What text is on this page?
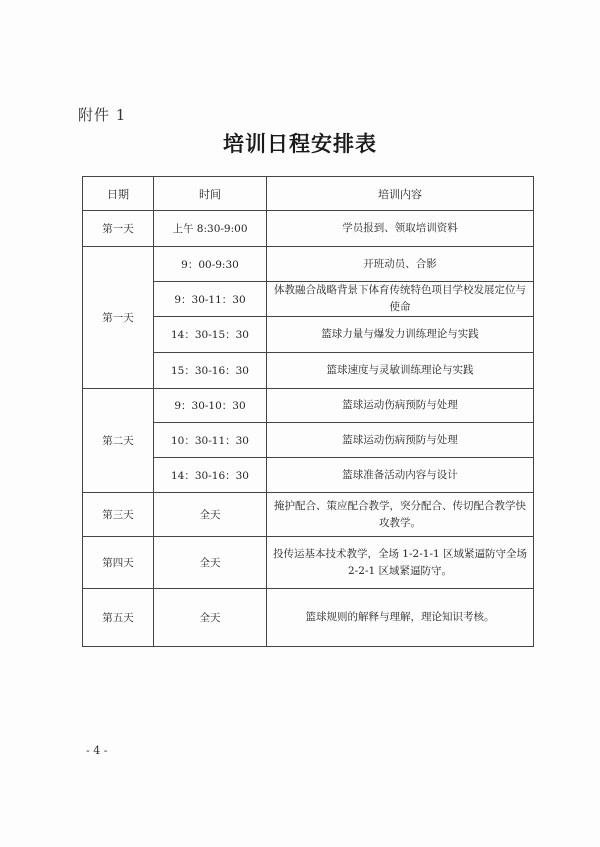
附件 1
培训日程安排表
日期	时间	培训内容
第一天	上午 8:30-9:00	学员报到、领取培训资料
第一天	9：00-9:30	开班动员、合影
	9：30-11：30	体教融合战略背景下体育传统特色项目学校发展定位与使命
	14：30-15：30	篮球力量与爆发力训练理论与实践
	15：30-16：30	篮球速度与灵敏训练理论与实践
第二天	9：30-10：30	篮球运动伤病预防与处理
	10：30-11：30	篮球运动伤病预防与处理
	14：30-16：30	篮球准备活动内容与设计
第三天	全天	掩护配合、策应配合教学，突分配合、传切配合教学快攻教学。
第四天	全天	投传运基本技术教学，全场 1-2-1-1 区域紧逼防守全场 2-2-1 区域紧逼防守。
第五天	全天	篮球规则的解释与理解，理论知识考核。
- 4 -
